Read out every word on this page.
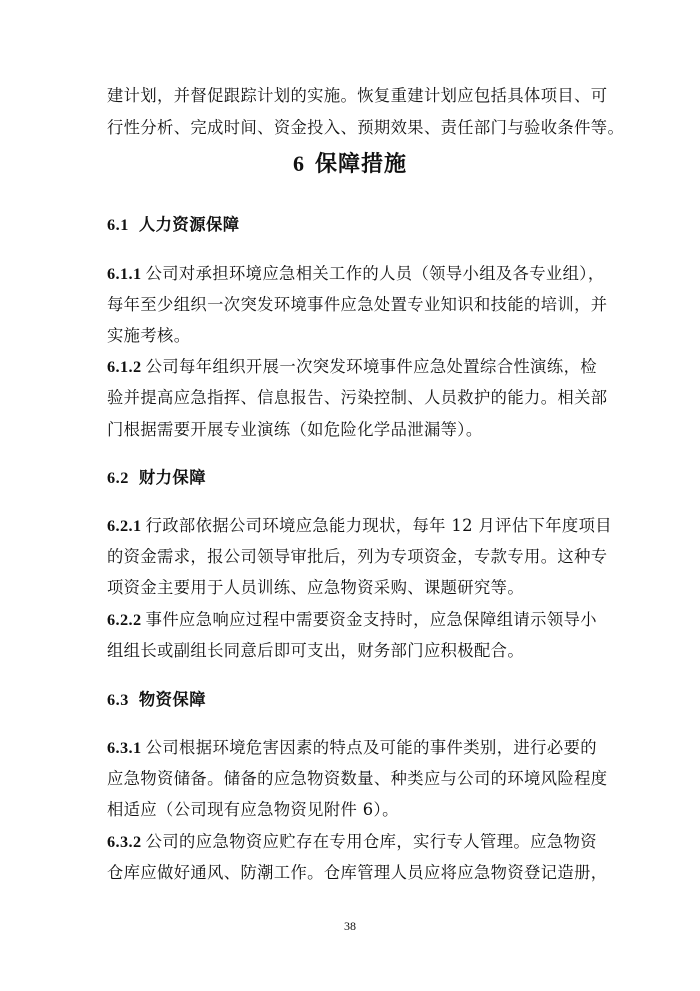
建计划，并督促跟踪计划的实施。恢复重建计划应包括具体项目、可
行性分析、完成时间、资金投入、预期效果、责任部门与验收条件等。
6 保障措施
6.1 人力资源保障
6.1.1 公司对承担环境应急相关工作的人员（领导小组及各专业组），
每年至少组织一次突发环境事件应急处置专业知识和技能的培训，并
实施考核。
6.1.2 公司每年组织开展一次突发环境事件应急处置综合性演练，检
验并提高应急指挥、信息报告、污染控制、人员救护的能力。相关部
门根据需要开展专业演练（如危险化学品泄漏等）。
6.2 财力保障
6.2.1 行政部依据公司环境应急能力现状，每年 12 月评估下年度项目
的资金需求，报公司领导审批后，列为专项资金，专款专用。这种专
项资金主要用于人员训练、应急物资采购、课题研究等。
6.2.2 事件应急响应过程中需要资金支持时，应急保障组请示领导小
组组长或副组长同意后即可支出，财务部门应积极配合。
6.3 物资保障
6.3.1 公司根据环境危害因素的特点及可能的事件类别，进行必要的
应急物资储备。储备的应急物资数量、种类应与公司的环境风险程度
相适应（公司现有应急物资见附件 6）。
6.3.2 公司的应急物资应贮存在专用仓库，实行专人管理。应急物资
仓库应做好通风、防潮工作。仓库管理人员应将应急物资登记造册，
38
